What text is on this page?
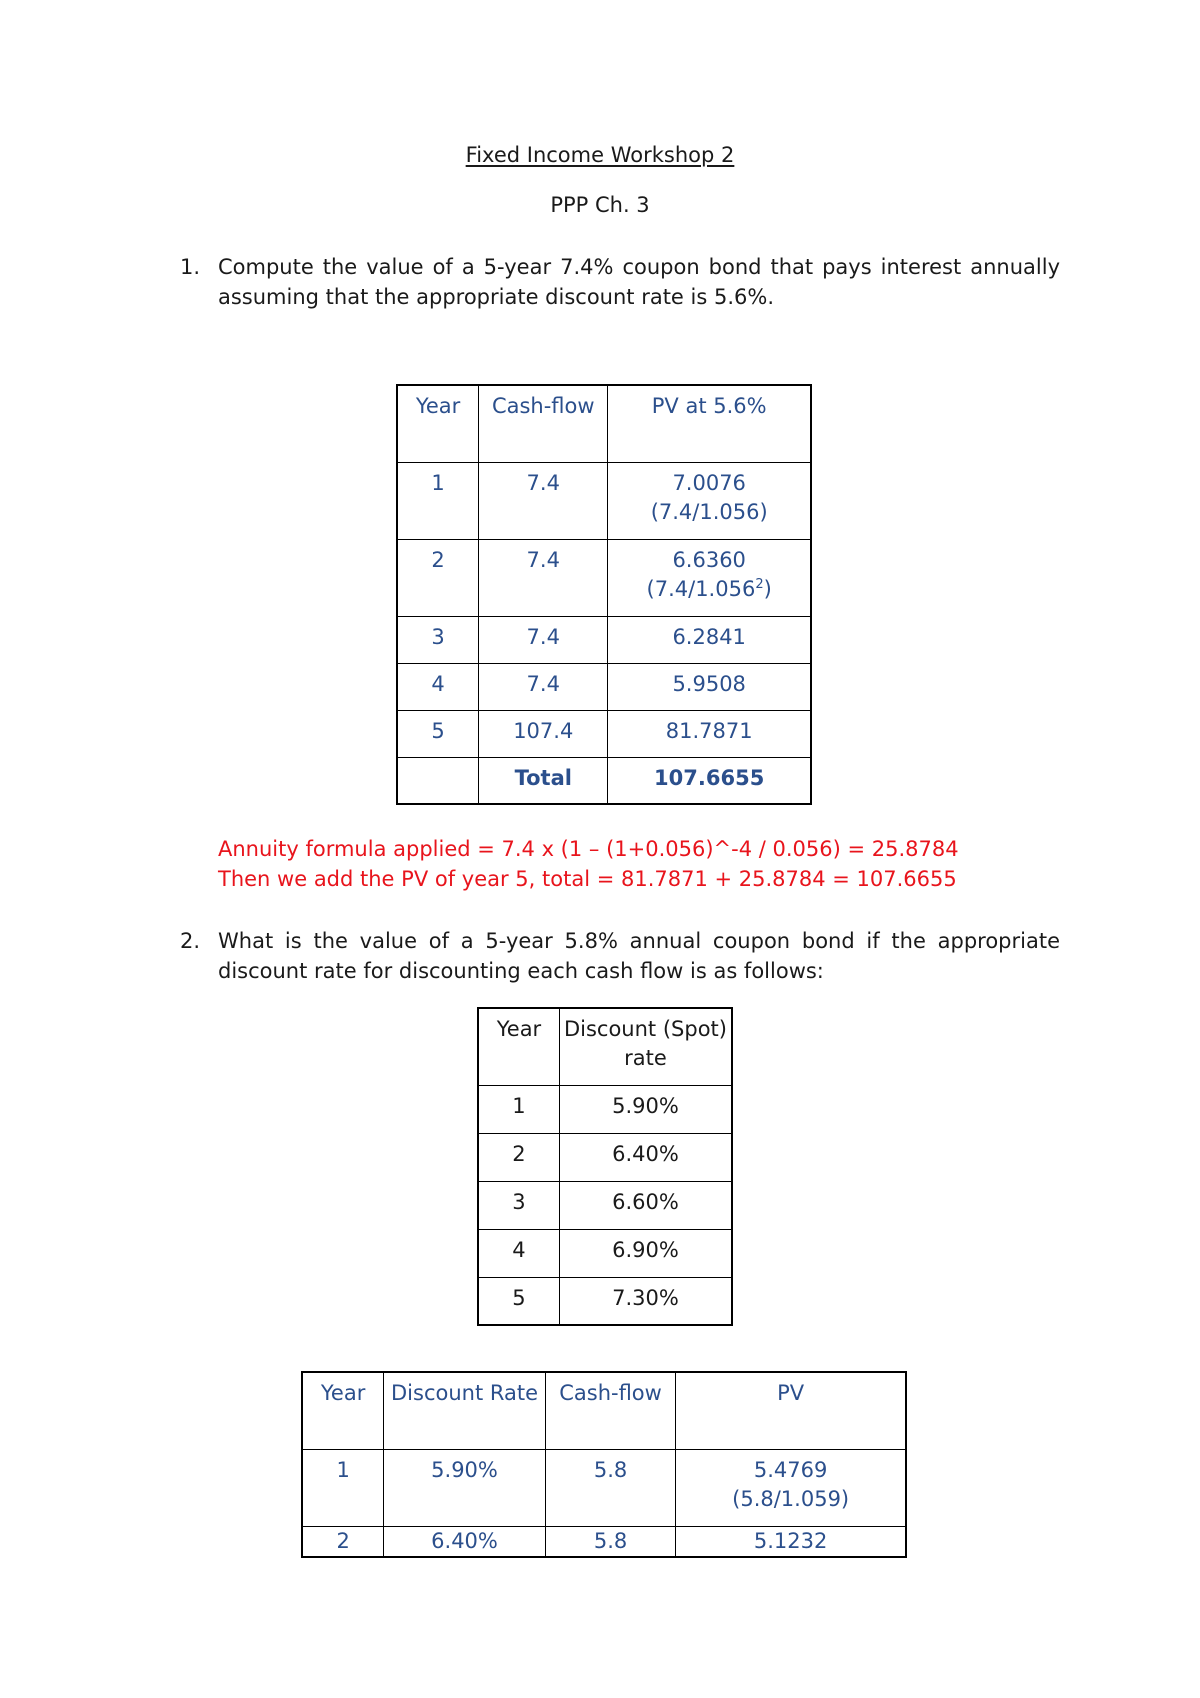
Fixed Income Workshop 2
PPP Ch. 3
1. Compute the value of a 5-year 7.4% coupon bond that pays interest annually assuming that the appropriate discount rate is 5.6%.
Year	Cash-flow	PV at 5.6%
1	7.4	7.0076
(7.4/1.056)

2	7.4	6.6360
(7.4/1.056$^2$)

3	7.4	6.2841
4	7.4	5.9508
5	107.4	81.7871
	Total	107.6655
Annuity formula applied = 7.4 x (1 – (1+0.056)^-4 / 0.056) = 25.8784
Then we add the PV of year 5, total = 81.7871 + 25.8784 = 107.6655
2. What is the value of a 5-year 5.8% annual coupon bond if the appropriate discount rate for discounting each cash flow is as follows:
Year	Discount (Spot) rate
1	5.90%
2	6.40%
3	6.60%
4	6.90%
5	7.30%
Year	Discount Rate	Cash-flow	PV
1	5.90%	5.8	5.4769
(5.8/1.059)

2	6.40%	5.8	5.1232
